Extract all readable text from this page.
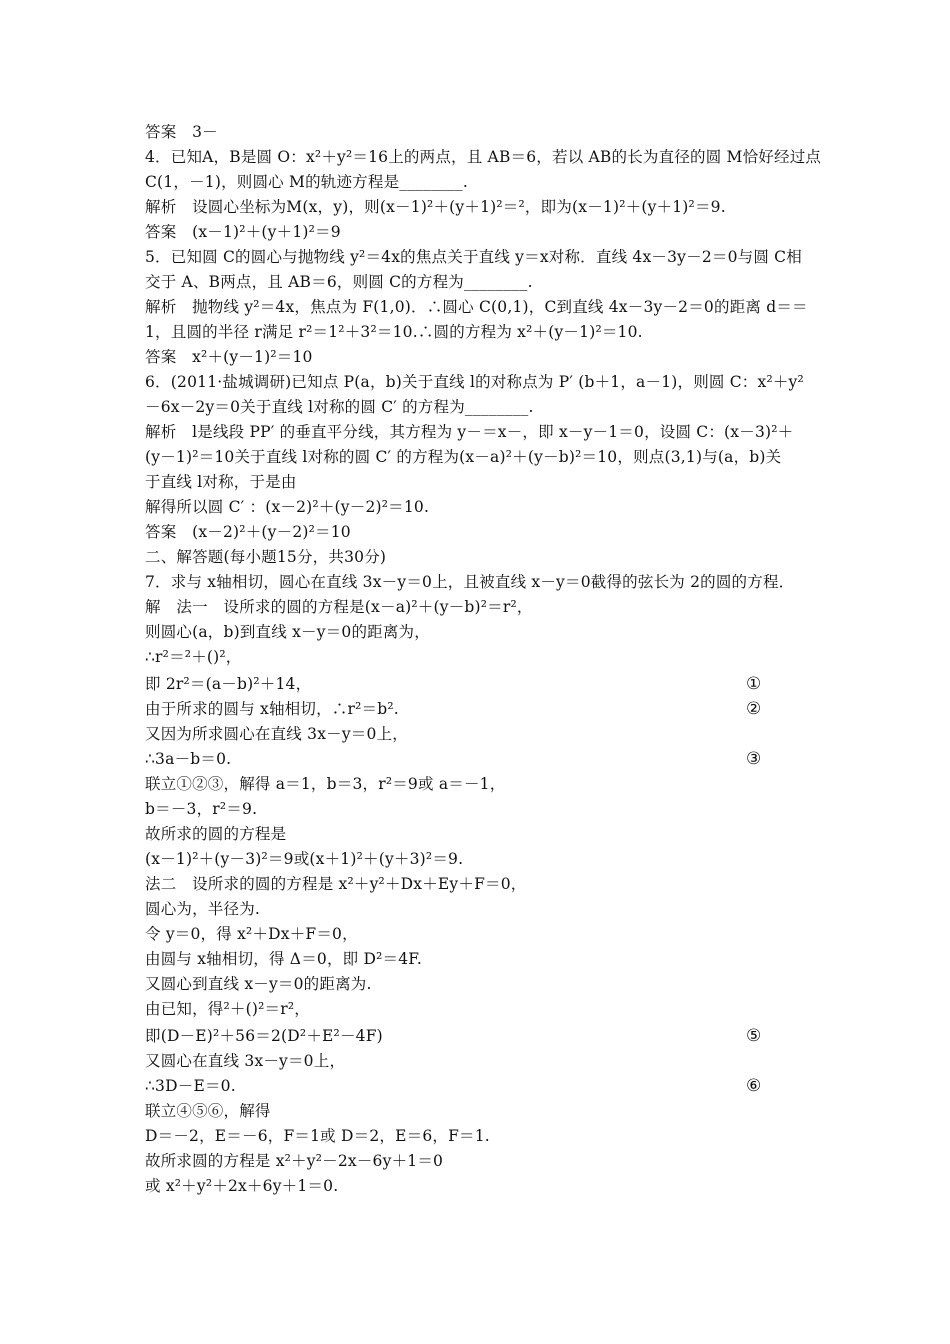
答案　3－
4．已知A，B是圆 O：x²＋y²＝16上的两点，且 AB＝6，若以 AB的长为直径的圆 M恰好经过点
C(1，－1)，则圆心 M的轨迹方程是________.
解析　设圆心坐标为M(x，y)，则(x－1)²＋(y＋1)²＝²，即为(x－1)²＋(y＋1)²＝9.
答案　(x－1)²＋(y＋1)²＝9
5．已知圆 C的圆心与抛物线 y²＝4x的焦点关于直线 y＝x对称．直线 4x－3y－2＝0与圆 C相
交于 A、B两点，且 AB＝6，则圆 C的方程为________.
解析　抛物线 y²＝4x，焦点为 F(1,0)．∴圆心 C(0,1)，C到直线 4x－3y－2＝0的距离 d＝＝
1，且圆的半径 r满足 r²＝1²＋3²＝10.∴圆的方程为 x²＋(y－1)²＝10.
答案　x²＋(y－1)²＝10
6．(2011·盐城调研)已知点 P(a，b)关于直线 l的对称点为 P′ (b＋1，a－1)，则圆 C：x²＋y²
－6x－2y＝0关于直线 l对称的圆 C′ 的方程为________.
解析　l是线段 PP′ 的垂直平分线，其方程为 y－＝x－，即 x－y－1＝0，设圆 C：(x－3)²＋
(y－1)²＝10关于直线 l对称的圆 C′ 的方程为(x－a)²＋(y－b)²＝10，则点(3,1)与(a，b)关
于直线 l对称，于是由
解得所以圆 C′ ：(x－2)²＋(y－2)²＝10.
答案　(x－2)²＋(y－2)²＝10
二、解答题(每小题15分，共30分)
7．求与 x轴相切，圆心在直线 3x－y＝0上，且被直线 x－y＝0截得的弦长为 2的圆的方程．
解　法一　设所求的圆的方程是(x－a)²＋(y－b)²＝r²，
则圆心(a，b)到直线 x－y＝0的距离为，
∴r²＝²＋()²，
即 2r²＝(a－b)²＋14，
由于所求的圆与 x轴相切，∴r²＝b².
又因为所求圆心在直线 3x－y＝0上，
∴3a－b＝0.
联立①②③，解得 a＝1，b＝3，r²＝9或 a＝－1，
b＝－3，r²＝9.
故所求的圆的方程是
(x－1)²＋(y－3)²＝9或(x＋1)²＋(y＋3)²＝9.
法二　设所求的圆的方程是 x²＋y²＋Dx＋Ey＋F＝0，
圆心为，半径为.
令 y＝0，得 x²＋Dx＋F＝0，
由圆与 x轴相切，得 Δ＝0，即 D²＝4F.
又圆心到直线 x－y＝0的距离为.
由已知，得²＋()²＝r²，
即(D－E)²＋56＝2(D²＋E²－4F)
又圆心在直线 3x－y＝0上，
∴3D－E＝0.
联立④⑤⑥，解得
D＝－2，E＝－6，F＝1或 D＝2，E＝6，F＝1.
故所求圆的方程是 x²＋y²－2x－6y＋1＝0
或 x²＋y²＋2x＋6y＋1＝0.
①
②
③
⑤
⑥
